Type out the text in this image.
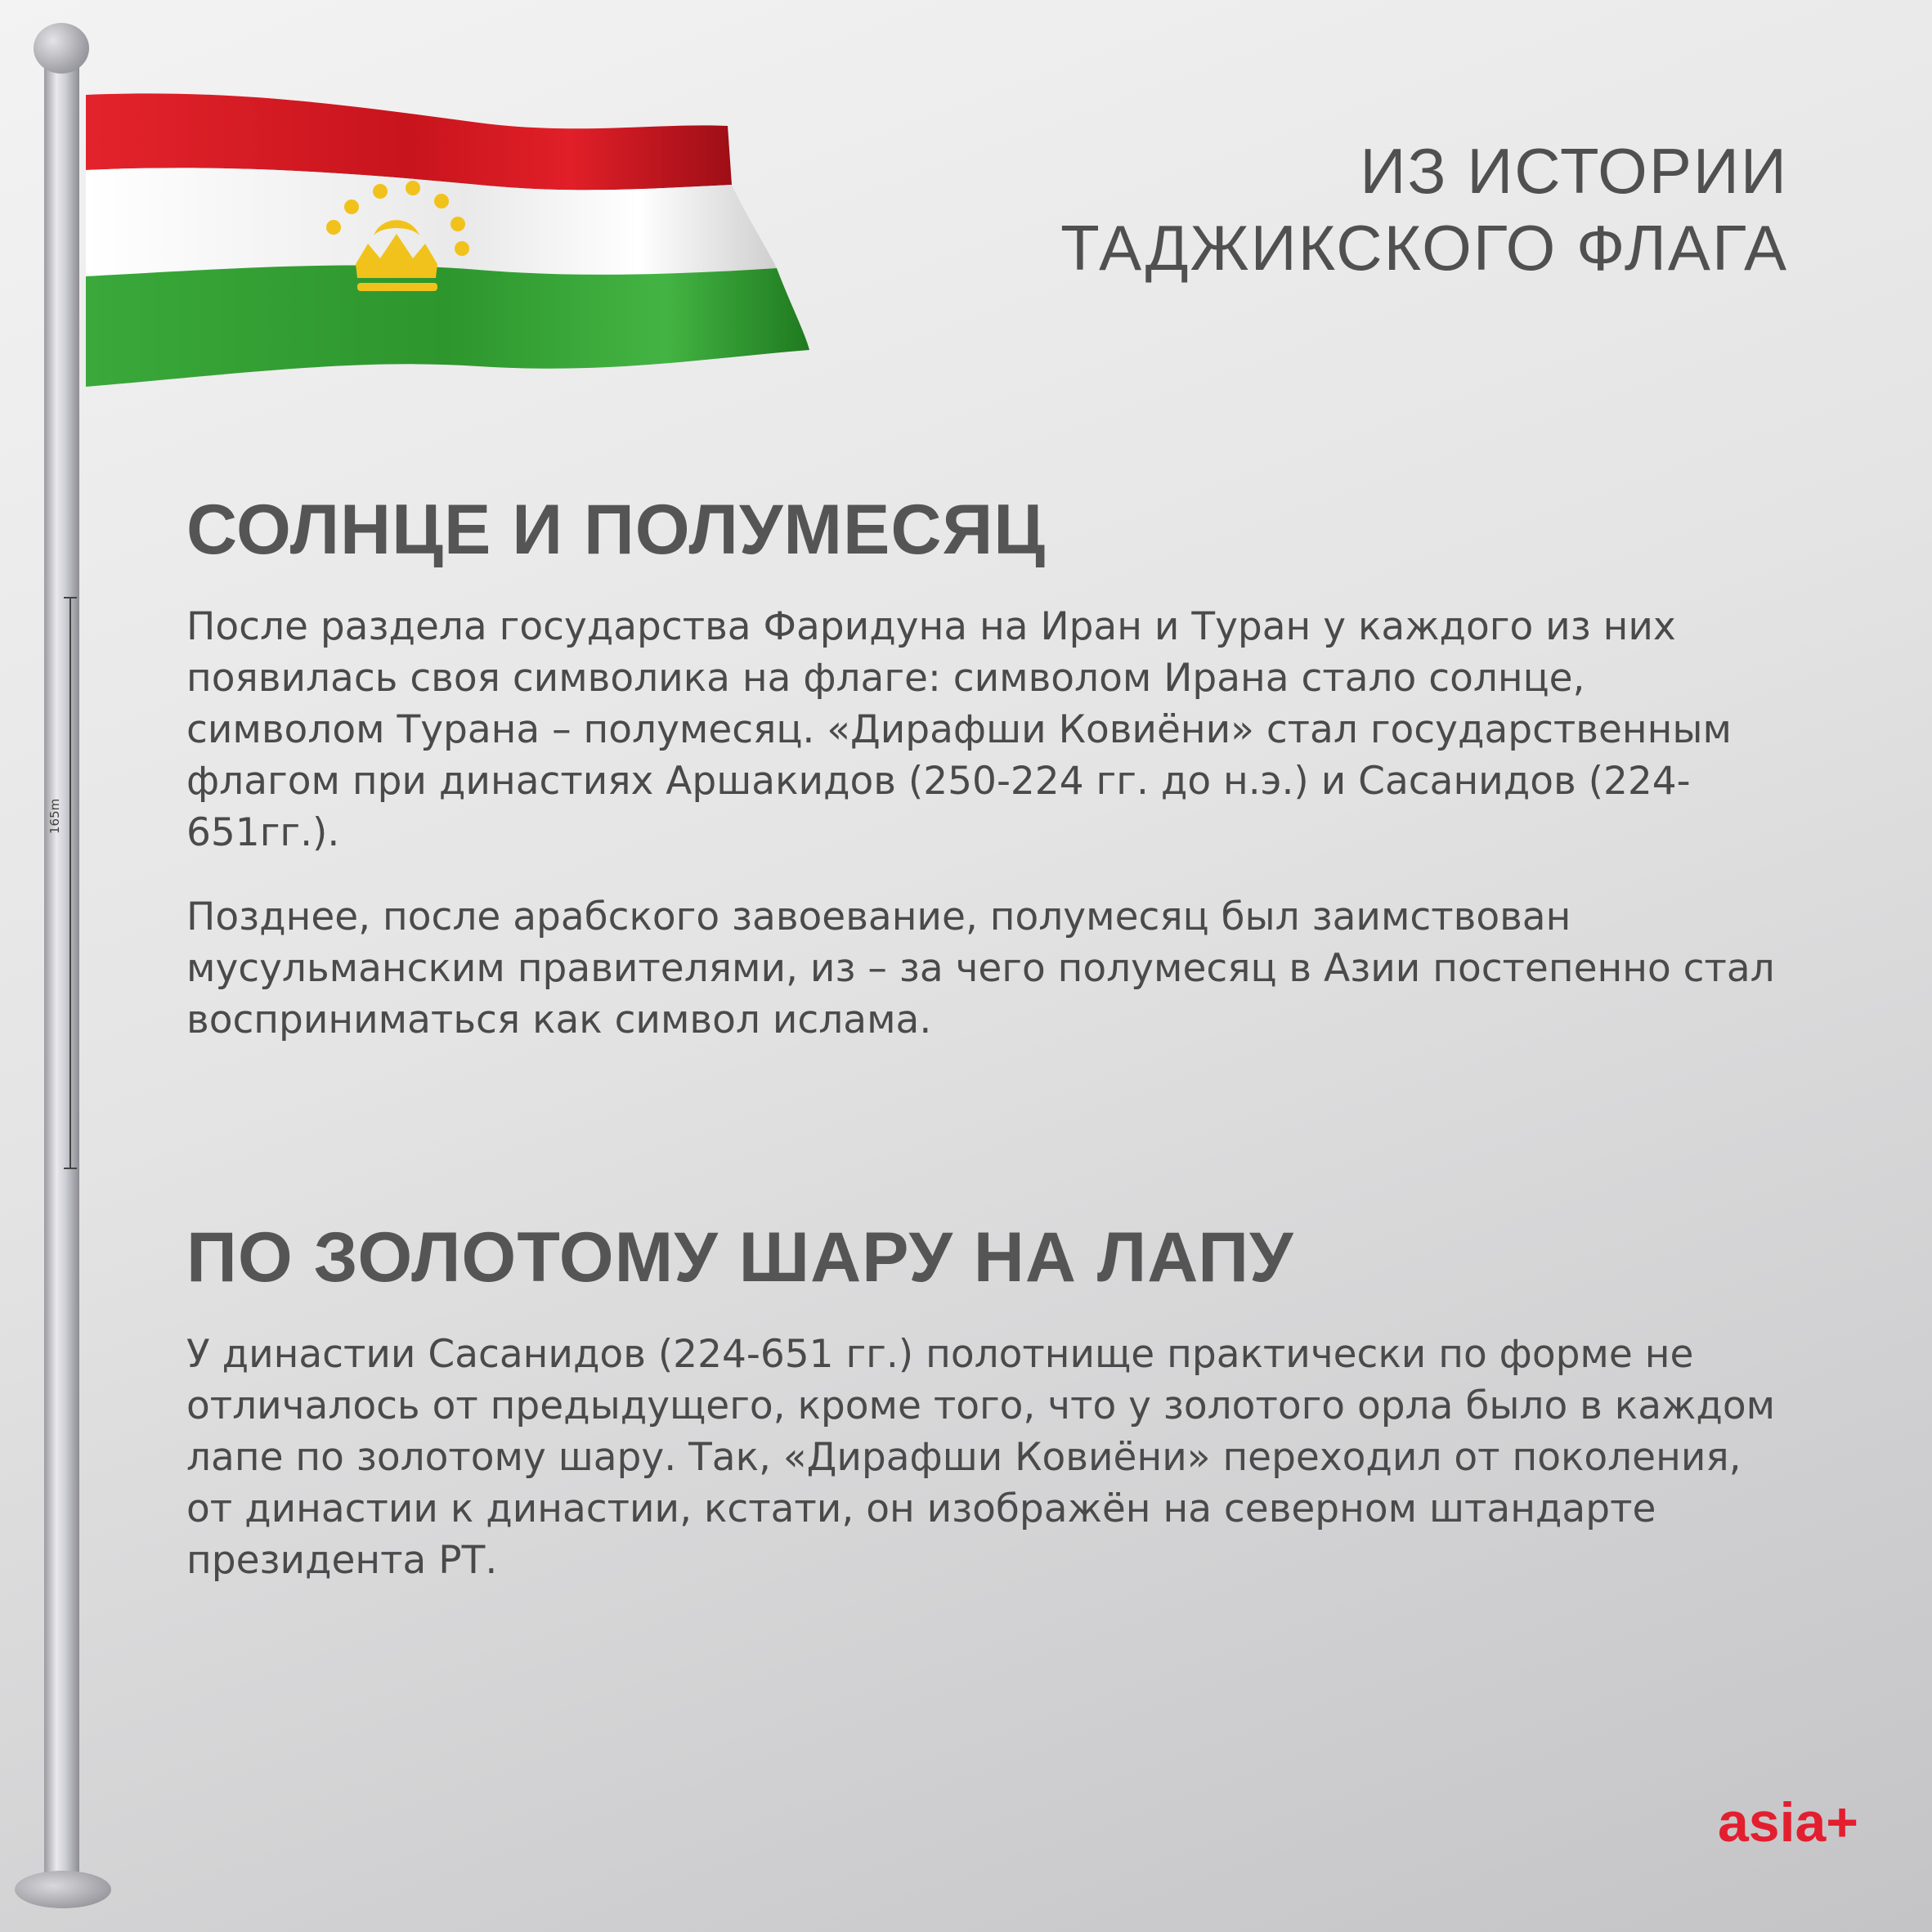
165m
ИЗ ИСТОРИИ
ТАДЖИКСКОГО ФЛАГА
СОЛНЦЕ И ПОЛУМЕСЯЦ

После раздела государства Фаридуна на Иран и Туран у каждого из них появилась своя символика на флаге: символом Ирана стало солнце, символом Турана – полумесяц. «Дирафши Ковиёни» стал государственным флагом при династиях Аршакидов (250-224 гг. до н.э.) и Сасанидов (224-651гг.).

Позднее, после арабского завоевание, полумесяц был заимствован мусульманским правителями, из – за чего полумесяц в Азии постепенно стал восприниматься как символ ислама.

ПО ЗОЛОТОМУ ШАРУ НА ЛАПУ

У династии Сасанидов (224-651 гг.) полотнище практически по форме не отличалось от предыдущего, кроме того, что у золотого орла было в каждом лапе по золотому шару. Так, «Дирафши Ковиёни» переходил от поколения, от династии к династии, кстати, он изображён на северном штандарте президента РТ.

asia+
